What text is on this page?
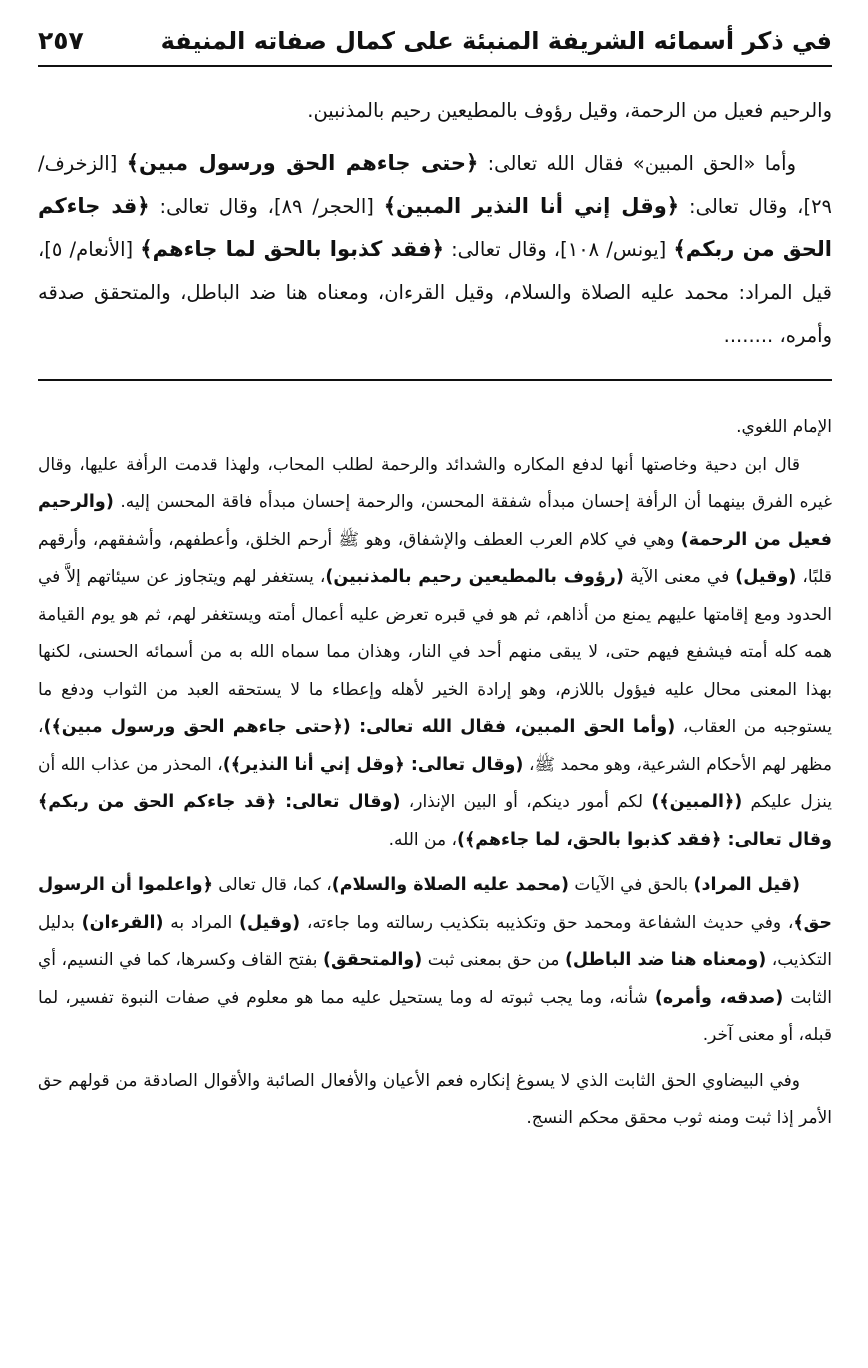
في ذكر أسمائه الشريفة المنبئة على كمال صفاته المنيفة
٢٥٧

والرحيم فعيل من الرحمة، وقيل رؤوف بالمطيعين رحيم بالمذنبين.

وأما «الحق المبين» فقال الله تعالى: ﴿حتى جاءهم الحق ورسول مبين﴾ [الزخرف/ ٢٩]، وقال تعالى: ﴿وقل إني أنا النذير المبين﴾ [الحجر/ ٨٩]، وقال تعالى: ﴿قد جاءكم الحق من ربكم﴾ [يونس/ ١٠٨]، وقال تعالى: ﴿فقد كذبوا بالحق لما جاءهم﴾ [الأنعام/ ٥]، قيل المراد: محمد عليه الصلاة والسلام، وقيل القرءان، ومعناه هنا ضد الباطل، والمتحقق صدقه وأمره، ........

الإمام اللغوي.

قال ابن دحية وخاصتها أنها لدفع المكاره والشدائد والرحمة لطلب المحاب، ولهذا قدمت الرأفة عليها، وقال غيره الفرق بينهما أن الرأفة إحسان مبدأه شفقة المحسن، والرحمة إحسان مبدأه فاقة المحسن إليه. (والرحيم فعيل من الرحمة) وهي في كلام العرب العطف والإشفاق، وهو ﷺ أرحم الخلق، وأعطفهم، وأشفقهم، وأرقهم قلبًا، (وقيل) في معنى الآية (رؤوف بالمطيعين رحيم بالمذنبين)، يستغفر لهم ويتجاوز عن سيئاتهم إلاَّ في الحدود ومع إقامتها عليهم يمنع من أذاهم، ثم هو في قبره تعرض عليه أعمال أمته ويستغفر لهم، ثم هو يوم القيامة همه كله أمته فيشفع فيهم حتى، لا يبقى منهم أحد في النار، وهذان مما سماه الله به من أسمائه الحسنى، لكنها بهذا المعنى محال عليه فيؤول باللازم، وهو إرادة الخير لأهله وإعطاء ما لا يستحقه العبد من الثواب ودفع ما يستوجبه من العقاب، (وأما الحق المبين، فقال الله تعالى: (﴿حتى جاءهم الحق ورسول مبين﴾)، مظهر لهم الأحكام الشرعية، وهو محمد ﷺ، (وقال تعالى: ﴿وقل إني أنا النذير﴾)، المحذر من عذاب الله أن ينزل عليكم (﴿المبين﴾) لكم أمور دينكم، أو البين الإنذار، (وقال تعالى: ﴿قد جاءكم الحق من ربكم﴾ وقال تعالى: ﴿فقد كذبوا بالحق، لما جاءهم﴾)، من الله.

(قيل المراد) بالحق في الآيات (محمد عليه الصلاة والسلام)، كما، قال تعالى ﴿واعلموا أن الرسول حق﴾، وفي حديث الشفاعة ومحمد حق وتكذيبه بتكذيب رسالته وما جاءته، (وقيل) المراد به (القرءان) بدليل التكذيب، (ومعناه هنا ضد الباطل) من حق بمعنى ثبت (والمتحقق) بفتح القاف وكسرها، كما في النسيم، أي الثابت (صدقه، وأمره) شأنه، وما يجب ثبوته له وما يستحيل عليه مما هو معلوم في صفات النبوة تفسير، لما قبله، أو معنى آخر.

وفي البيضاوي الحق الثابت الذي لا يسوغ إنكاره فعم الأعيان والأفعال الصائبة والأقوال الصادقة من قولهم حق الأمر إذا ثبت ومنه ثوب محقق محكم النسج.
